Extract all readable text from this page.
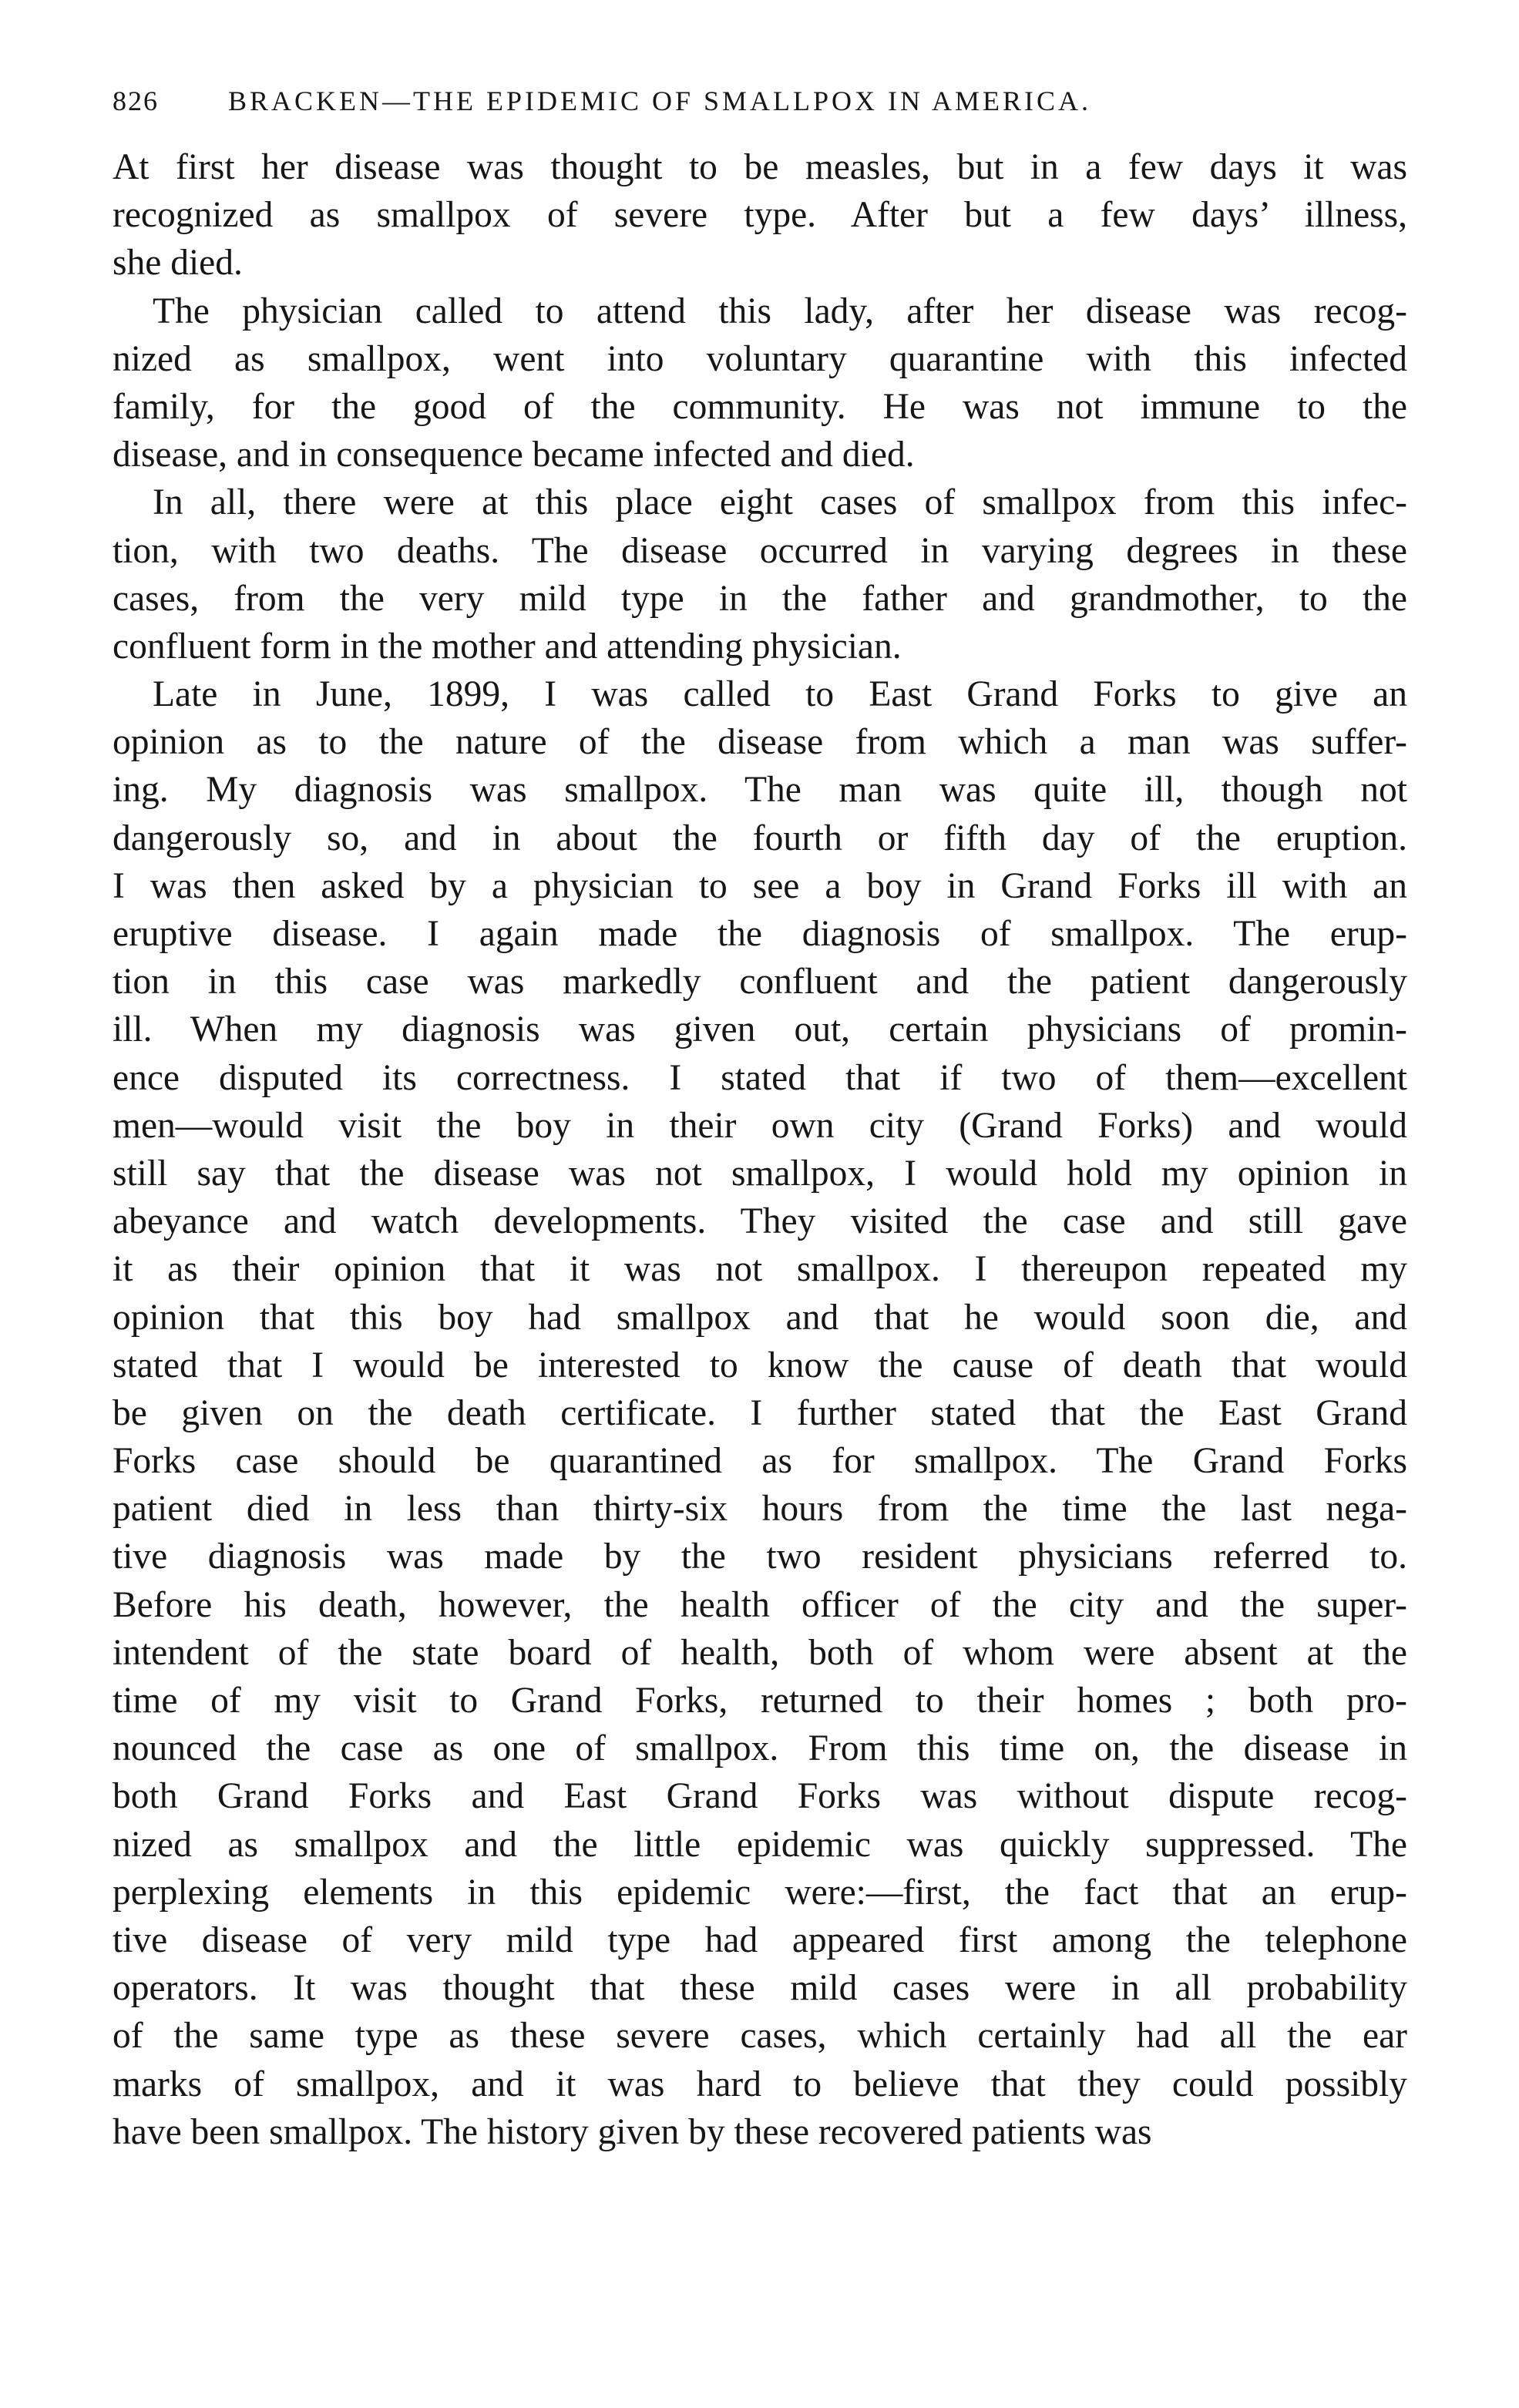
826	BRACKEN—THE EPIDEMIC OF SMALLPOX IN AMERICA.
At first her disease was thought to be measles, but in a few days it was
recognized as smallpox of severe type. After but a few days’ illness,
she died.
The physician called to attend this lady, after her disease was recog-
nized as smallpox, went into voluntary quarantine with this infected
family, for the good of the community. He was not immune to the
disease, and in consequence became infected and died.
In all, there were at this place eight cases of smallpox from this infec-
tion, with two deaths. The disease occurred in varying degrees in these
cases, from the very mild type in the father and grandmother, to the
confluent form in the mother and attending physician.
Late in June, 1899, I was called to East Grand Forks to give an
opinion as to the nature of the disease from which a man was suffer-
ing. My diagnosis was smallpox. The man was quite ill, though not
dangerously so, and in about the fourth or fifth day of the eruption.
I was then asked by a physician to see a boy in Grand Forks ill with an
eruptive disease. I again made the diagnosis of smallpox. The erup-
tion in this case was markedly confluent and the patient dangerously
ill. When my diagnosis was given out, certain physicians of promin-
ence disputed its correctness. I stated that if two of them—excellent
men—would visit the boy in their own city (Grand Forks) and would
still say that the disease was not smallpox, I would hold my opinion in
abeyance and watch developments. They visited the case and still gave
it as their opinion that it was not smallpox. I thereupon repeated my
opinion that this boy had smallpox and that he would soon die, and
stated that I would be interested to know the cause of death that would
be given on the death certificate. I further stated that the East Grand
Forks case should be quarantined as for smallpox. The Grand Forks
patient died in less than thirty-six hours from the time the last nega-
tive diagnosis was made by the two resident physicians referred to.
Before his death, however, the health officer of the city and the super-
intendent of the state board of health, both of whom were absent at the
time of my visit to Grand Forks, returned to their homes ; both pro-
nounced the case as one of smallpox. From this time on, the disease in
both Grand Forks and East Grand Forks was without dispute recog-
nized as smallpox and the little epidemic was quickly suppressed. The
perplexing elements in this epidemic were:—first, the fact that an erup-
tive disease of very mild type had appeared first among the telephone
operators. It was thought that these mild cases were in all probability
of the same type as these severe cases, which certainly had all the ear
marks of smallpox, and it was hard to believe that they could possibly
have been smallpox. The history given by these recovered patients was
